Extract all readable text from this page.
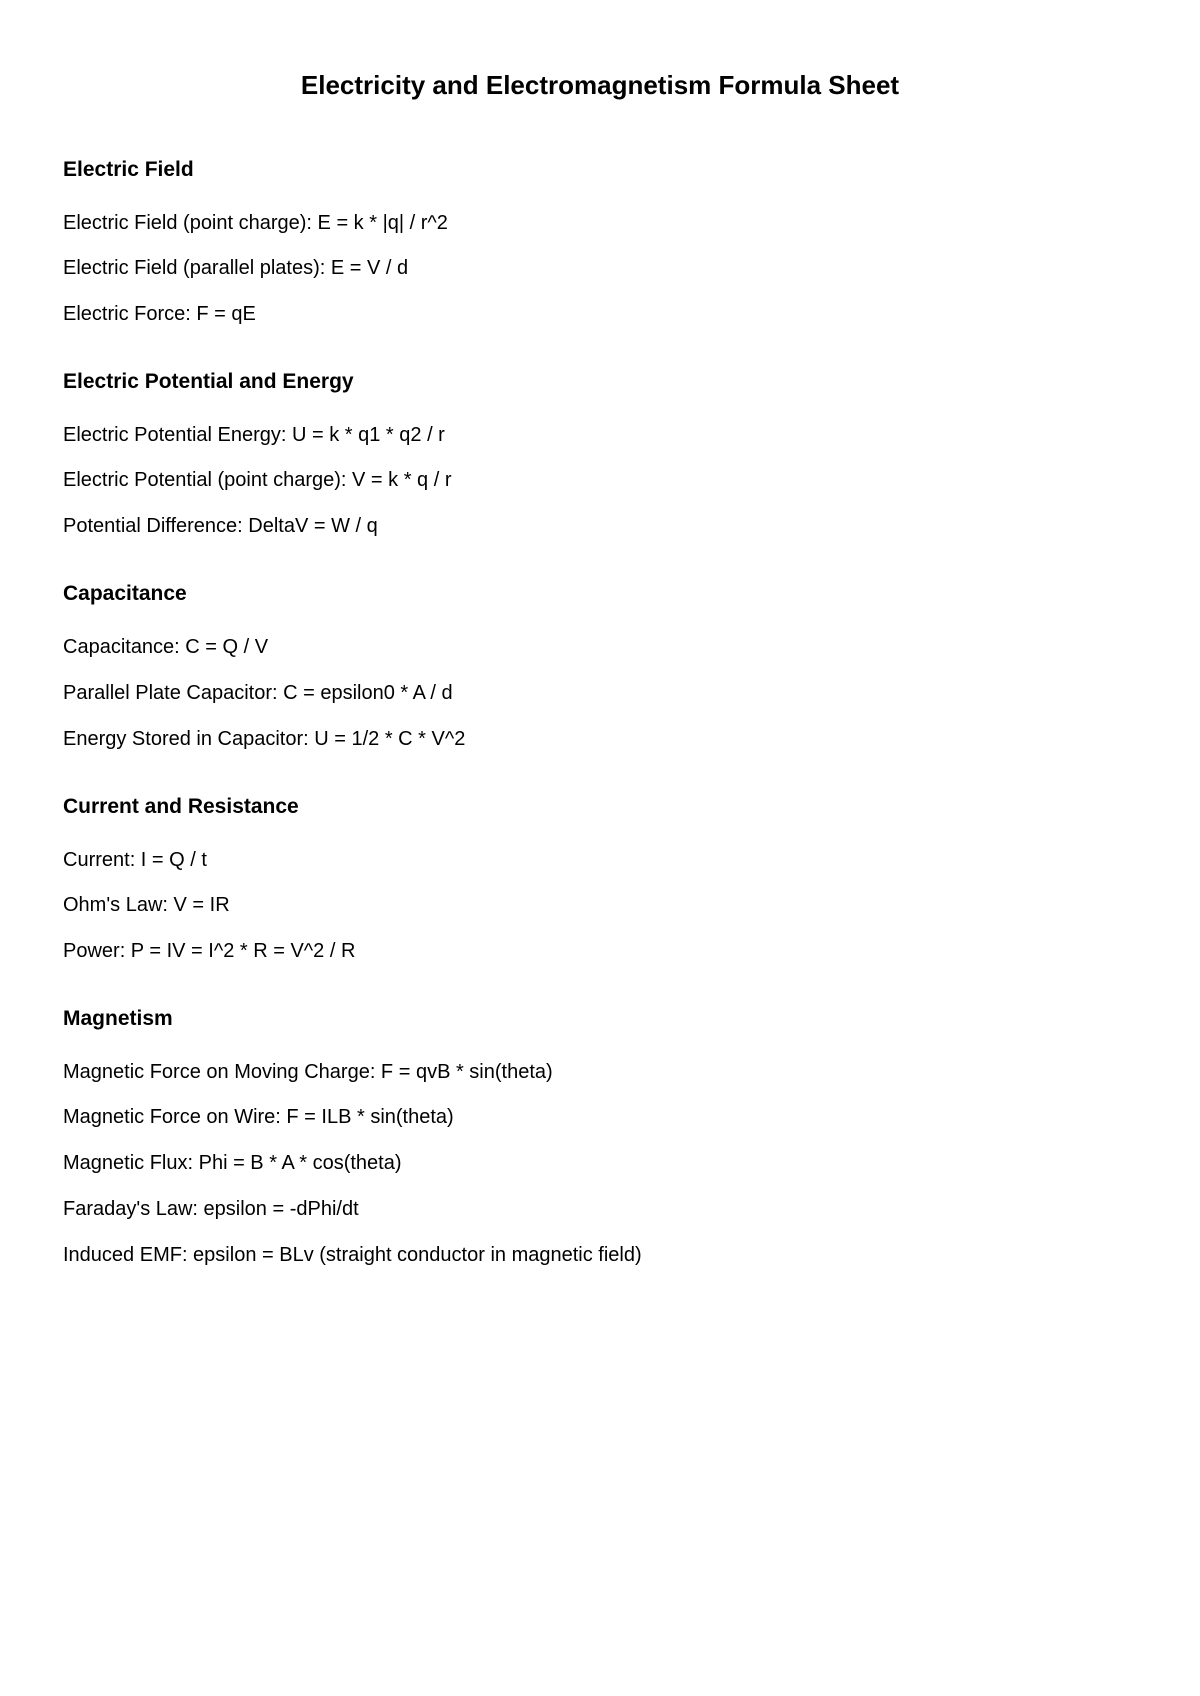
Electricity and Electromagnetism Formula Sheet
Electric Field

Electric Field (point charge): E = k * |q| / r^2

Electric Field (parallel plates): E = V / d

Electric Force: F = qE

Electric Potential and Energy

Electric Potential Energy: U = k * q1 * q2 / r

Electric Potential (point charge): V = k * q / r

Potential Difference: DeltaV = W / q

Capacitance

Capacitance: C = Q / V

Parallel Plate Capacitor: C = epsilon0 * A / d

Energy Stored in Capacitor: U = 1/2 * C * V^2

Current and Resistance

Current: I = Q / t

Ohm's Law: V = IR

Power: P = IV = I^2 * R = V^2 / R

Magnetism

Magnetic Force on Moving Charge: F = qvB * sin(theta)

Magnetic Force on Wire: F = ILB * sin(theta)

Magnetic Flux: Phi = B * A * cos(theta)

Faraday's Law: epsilon = -dPhi/dt

Induced EMF: epsilon = BLv (straight conductor in magnetic field)
